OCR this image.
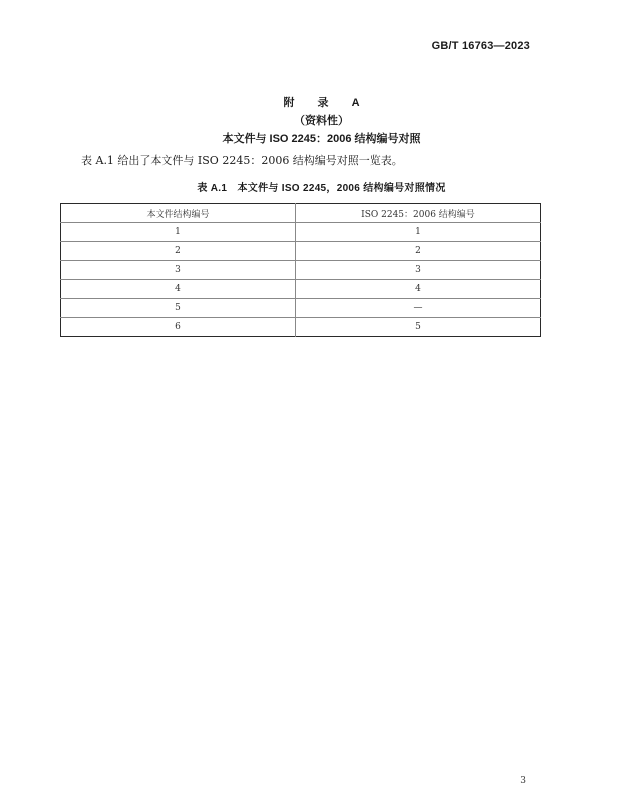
GB/T 16763—2023
附 录 A
（资料性）
本文件与 ISO 2245：2006 结构编号对照
表 A.1 给出了本文件与 ISO 2245：2006 结构编号对照一览表。
表 A.1　本文件与 ISO 2245，2006 结构编号对照情况
本文件结构编号	ISO 2245：2006 结构编号
1	1
2	2
3	3
4	4
5	—
6	5
3
